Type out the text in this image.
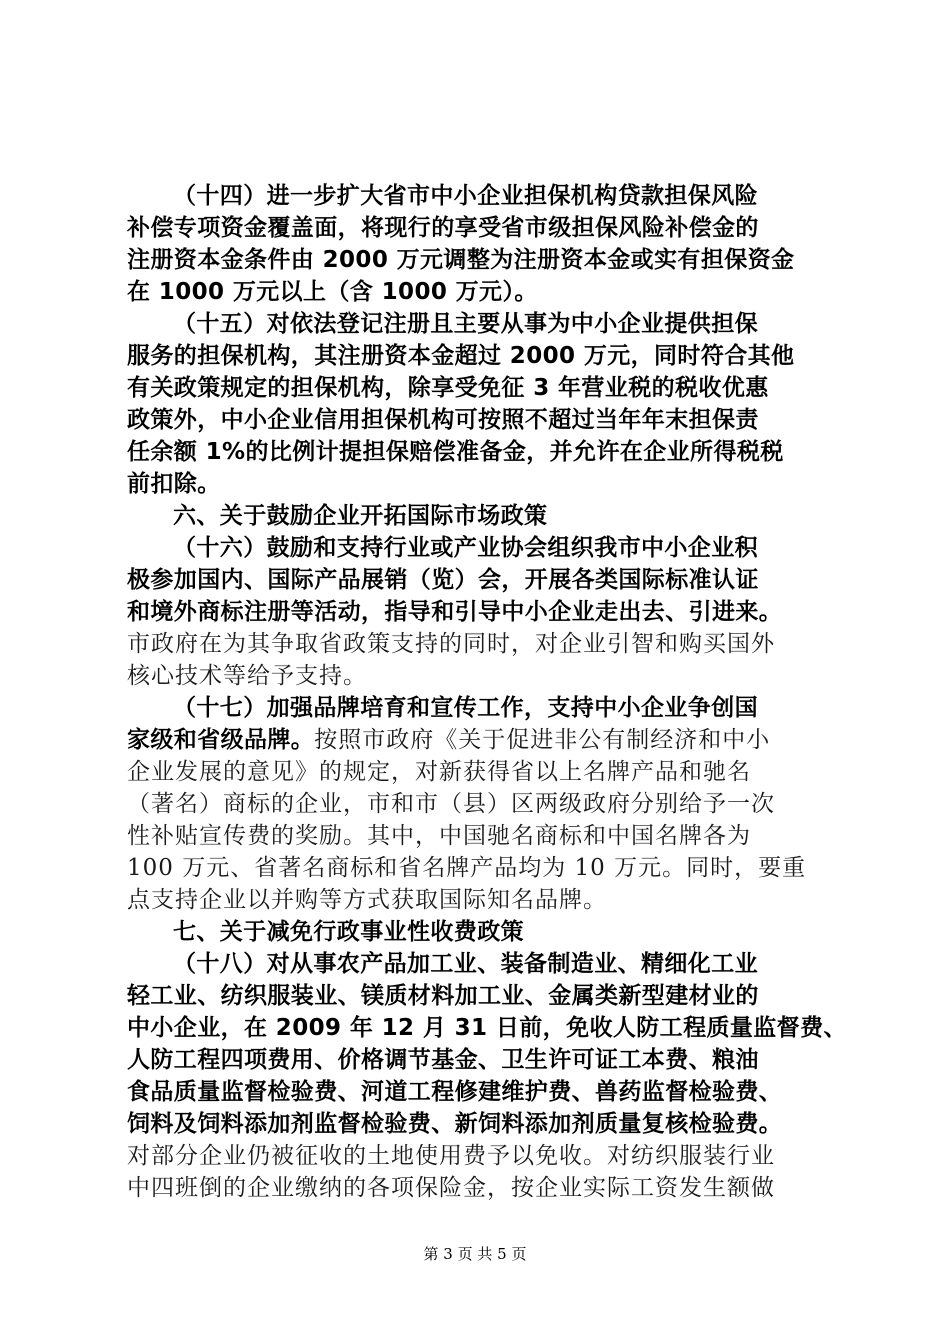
（十四）进一步扩大省市中小企业担保机构贷款担保风险
补偿专项资金覆盖面，将现行的享受省市级担保风险补偿金的
注册资本金条件由 2000 万元调整为注册资本金或实有担保资金
在 1000 万元以上（含 1000 万元）。
（十五）对依法登记注册且主要从事为中小企业提供担保
服务的担保机构，其注册资本金超过 2000 万元，同时符合其他
有关政策规定的担保机构，除享受免征 3 年营业税的税收优惠
政策外，中小企业信用担保机构可按照不超过当年年末担保责
任余额 1%的比例计提担保赔偿准备金，并允许在企业所得税税
前扣除。
六、关于鼓励企业开拓国际市场政策
（十六）鼓励和支持行业或产业协会组织我市中小企业积
极参加国内、国际产品展销（览）会，开展各类国际标准认证
和境外商标注册等活动，指导和引导中小企业走出去、引进来。
市政府在为其争取省政策支持的同时，对企业引智和购买国外
核心技术等给予支持。
（十七）加强品牌培育和宣传工作，支持中小企业争创国
家级和省级品牌。按照市政府《关于促进非公有制经济和中小
企业发展的意见》的规定，对新获得省以上名牌产品和驰名
（著名）商标的企业，市和市（县）区两级政府分别给予一次
性补贴宣传费的奖励。其中，中国驰名商标和中国名牌各为
100 万元、省著名商标和省名牌产品均为 10 万元。同时，要重
点支持企业以并购等方式获取国际知名品牌。
七、关于减免行政事业性收费政策
（十八）对从事农产品加工业、装备制造业、精细化工业
轻工业、纺织服装业、镁质材料加工业、金属类新型建材业的
中小企业，在 2009 年 12 月 31 日前，免收人防工程质量监督费、
人防工程四项费用、价格调节基金、卫生许可证工本费、粮油
食品质量监督检验费、河道工程修建维护费、兽药监督检验费、
饲料及饲料添加剂监督检验费、新饲料添加剂质量复核检验费。
对部分企业仍被征收的土地使用费予以免收。对纺织服装行业
中四班倒的企业缴纳的各项保险金，按企业实际工资发生额做
第 3 页 共 5 页
